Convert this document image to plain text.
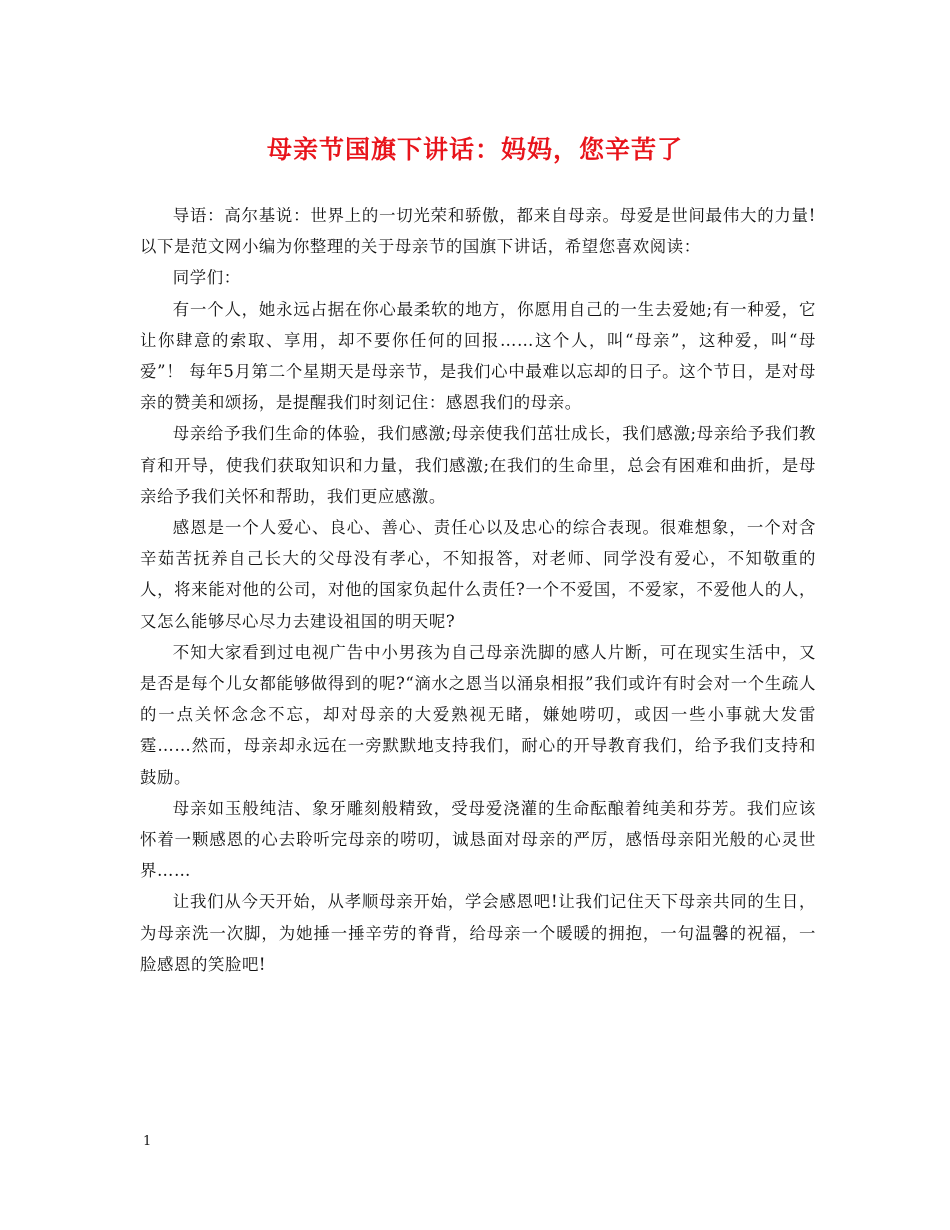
母亲节国旗下讲话：妈妈，您辛苦了

导语：高尔基说：世界上的一切光荣和骄傲，都来自母亲。母爱是世间最伟大的力量!以下是范文网小编为你整理的关于母亲节的国旗下讲话，希望您喜欢阅读：

同学们：

有一个人，她永远占据在你心最柔软的地方，你愿用自己的一生去爱她;有一种爱，它让你肆意的索取、享用，却不要你任何的回报……这个人，叫“母亲”，这种爱，叫“母爱”！ 每年5月第二个星期天是母亲节，是我们心中最难以忘却的日子。这个节日，是对母亲的赞美和颂扬，是提醒我们时刻记住：感恩我们的母亲。

母亲给予我们生命的体验，我们感激;母亲使我们茁壮成长，我们感激;母亲给予我们教育和开导，使我们获取知识和力量，我们感激;在我们的生命里，总会有困难和曲折，是母亲给予我们关怀和帮助，我们更应感激。

感恩是一个人爱心、良心、善心、责任心以及忠心的综合表现。很难想象，一个对含辛茹苦抚养自己长大的父母没有孝心，不知报答，对老师、同学没有爱心，不知敬重的人，将来能对他的公司，对他的国家负起什么责任?一个不爱国，不爱家，不爱他人的人，又怎么能够尽心尽力去建设祖国的明天呢?

不知大家看到过电视广告中小男孩为自己母亲洗脚的感人片断，可在现实生活中，又是否是每个儿女都能够做得到的呢?“滴水之恩当以涌泉相报”我们或许有时会对一个生疏人的一点关怀念念不忘，却对母亲的大爱熟视无睹，嫌她唠叨，或因一些小事就大发雷霆……然而，母亲却永远在一旁默默地支持我们，耐心的开导教育我们，给予我们支持和鼓励。

母亲如玉般纯洁、象牙雕刻般精致，受母爱浇灌的生命酝酿着纯美和芬芳。我们应该怀着一颗感恩的心去聆听完母亲的唠叨，诚恳面对母亲的严厉，感悟母亲阳光般的心灵世界……

让我们从今天开始，从孝顺母亲开始，学会感恩吧!让我们记住天下母亲共同的生日，为母亲洗一次脚，为她捶一捶辛劳的脊背，给母亲一个暖暖的拥抱，一句温馨的祝福，一脸感恩的笑脸吧!

1
